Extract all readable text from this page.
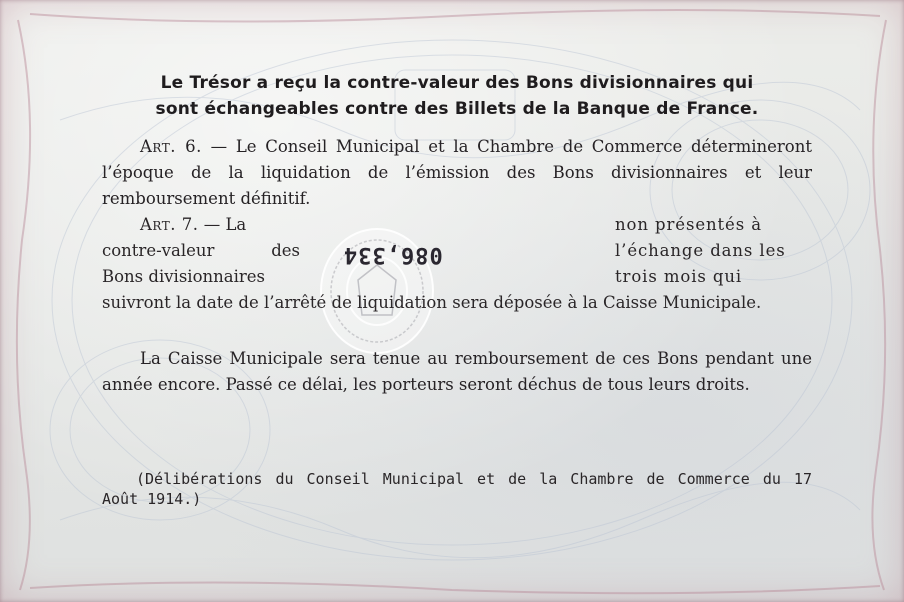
086,334

Le Trésor a reçu la contre-valeur des Bons divisionnaires qui
sont échangeables contre des Billets de la Banque de France.

Art. 6. — Le Conseil Municipal et la Chambre de Commerce détermineront l’époque de la liquidation de l’émission des Bons divisionnaires et leur remboursement définitif.

Art. 7. — La
contre-valeur	des
Bons divisionnaires
non présentés à
l’échange dans les
trois mois qui
suivront la date de l’arrêté de liquidation sera déposée à la Caisse Municipale.

La Caisse Municipale sera tenue au remboursement de ces Bons pendant une année encore. Passé ce délai, les porteurs seront déchus de tous leurs droits.

(Délibérations du Conseil Municipal et de la Chambre de Commerce du 17 Août 1914.)
